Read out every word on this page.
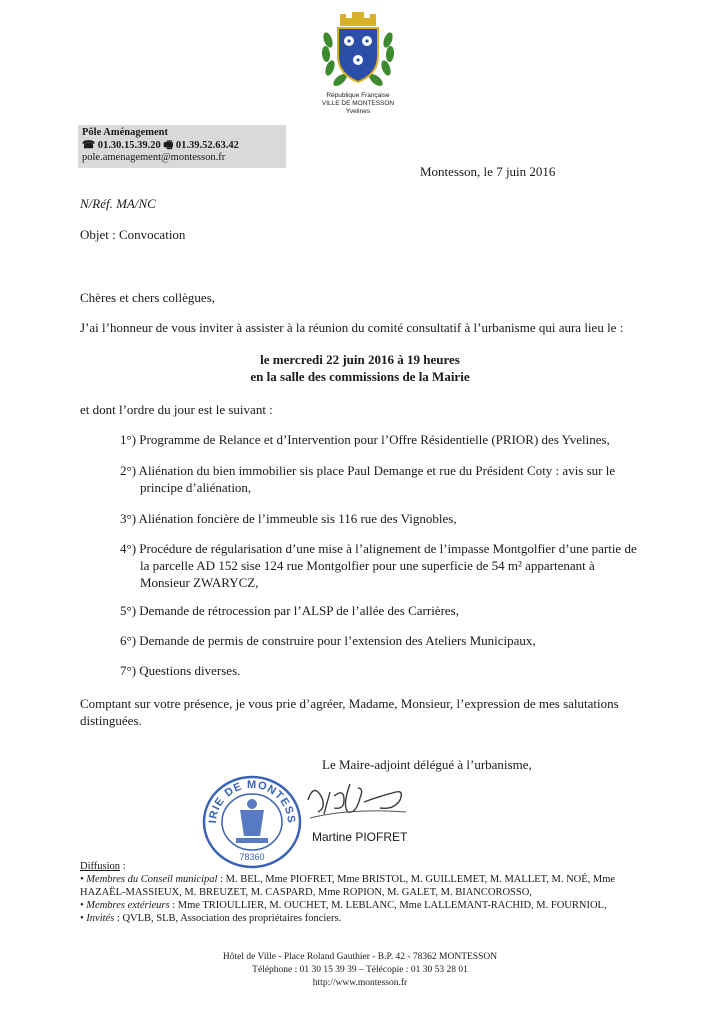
République Française
VILLE DE MONTESSON
Yvelines
Pôle Aménagement
☎ 01.30.15.39.20 🖷 01.39.52.63.42
pole.amenagement@montesson.fr
Montesson, le 7 juin 2016
N/Réf. MA/NC
Objet : Convocation
Chères et chers collègues,
J’ai l’honneur de vous inviter à assister à la réunion du comité consultatif à l’urbanisme qui aura lieu le :
le mercredi 22 juin 2016 à 19 heures
en la salle des commissions de la Mairie
et dont l’ordre du jour est le suivant :
1°) Programme de Relance et d’Intervention pour l’Offre Résidentielle (PRIOR) des Yvelines,
2°) Aliénation du bien immobilier sis place Paul Demange et rue du Président Coty : avis sur le principe d’aliénation,
3°) Aliénation foncière de l’immeuble sis 116 rue des Vignobles,
4°) Procédure de régularisation d’une mise à l’alignement de l’impasse Montgolfier d’une partie de la parcelle AD 152 sise 124 rue Montgolfier pour une superficie de 54 m² appartenant à Monsieur ZWARYCZ,
5°) Demande de rétrocession par l’ALSP de l’allée des Carrières,
6°) Demande de permis de construire pour l’extension des Ateliers Municipaux,
7°) Questions diverses.
Comptant sur votre présence, je vous prie d’agréer, Madame, Monsieur, l’expression de mes salutations distinguées.
Le Maire-adjoint délégué à l’urbanisme,
IRIE DE MONTESS
78360
Martine PIOFRET
Diffusion :
• Membres du Conseil municipal : M. BEL, Mme PIOFRET, Mme BRISTOL, M. GUILLEMET, M. MALLET, M. NOÉ, Mme HAZAËL-MASSIEUX, M. BREUZET, M. CASPARD, Mme ROPION, M. GALET, M. BIANCOROSSO,
• Membres extérieurs : Mme TRIOULLIER, M. OUCHET, M. LEBLANC, Mme LALLEMANT-RACHID, M. FOURNIOL,
• Invités : QVLB, SLB, Association des propriétaires fonciers.
Hôtel de Ville - Place Roland Gauthier - B.P. 42 - 78362 MONTESSON
Téléphone : 01 30 15 39 39 – Télécopie : 01 30 53 28 01
http://www.montesson.fr
